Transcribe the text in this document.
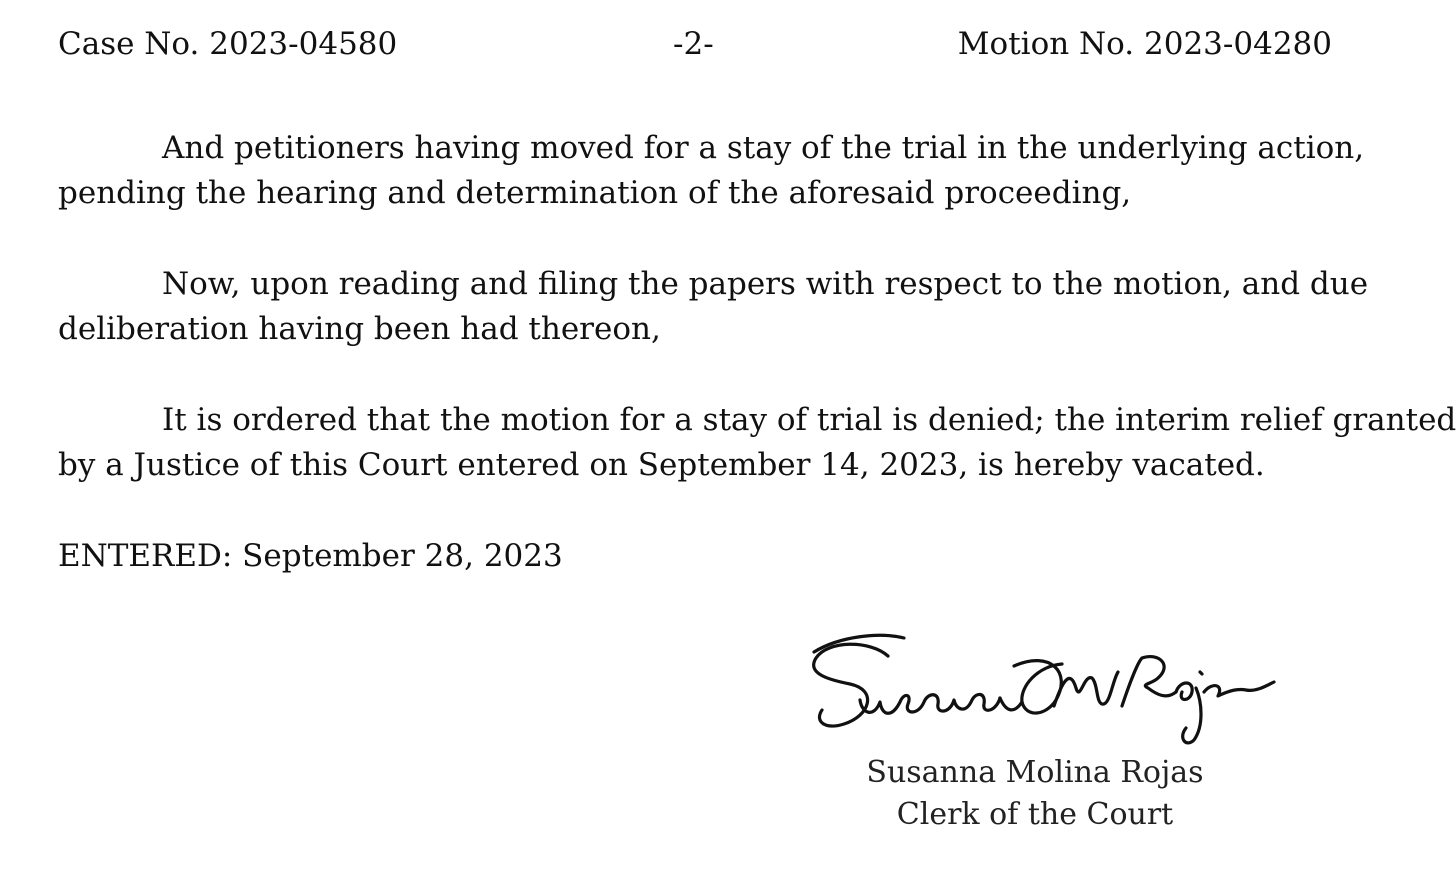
Case No. 2023-04580	-2-	Motion No. 2023-04280

And petitioners having moved for a stay of the trial in the underlying action,
pending the hearing and determination of the aforesaid proceeding,

Now, upon reading and filing the papers with respect to the motion, and due
deliberation having been had thereon,

It is ordered that the motion for a stay of trial is denied; the interim relief granted
by a Justice of this Court entered on September 14, 2023, is hereby vacated.

ENTERED: September 28, 2023
Susanna Molina Rojas
Clerk of the Court
